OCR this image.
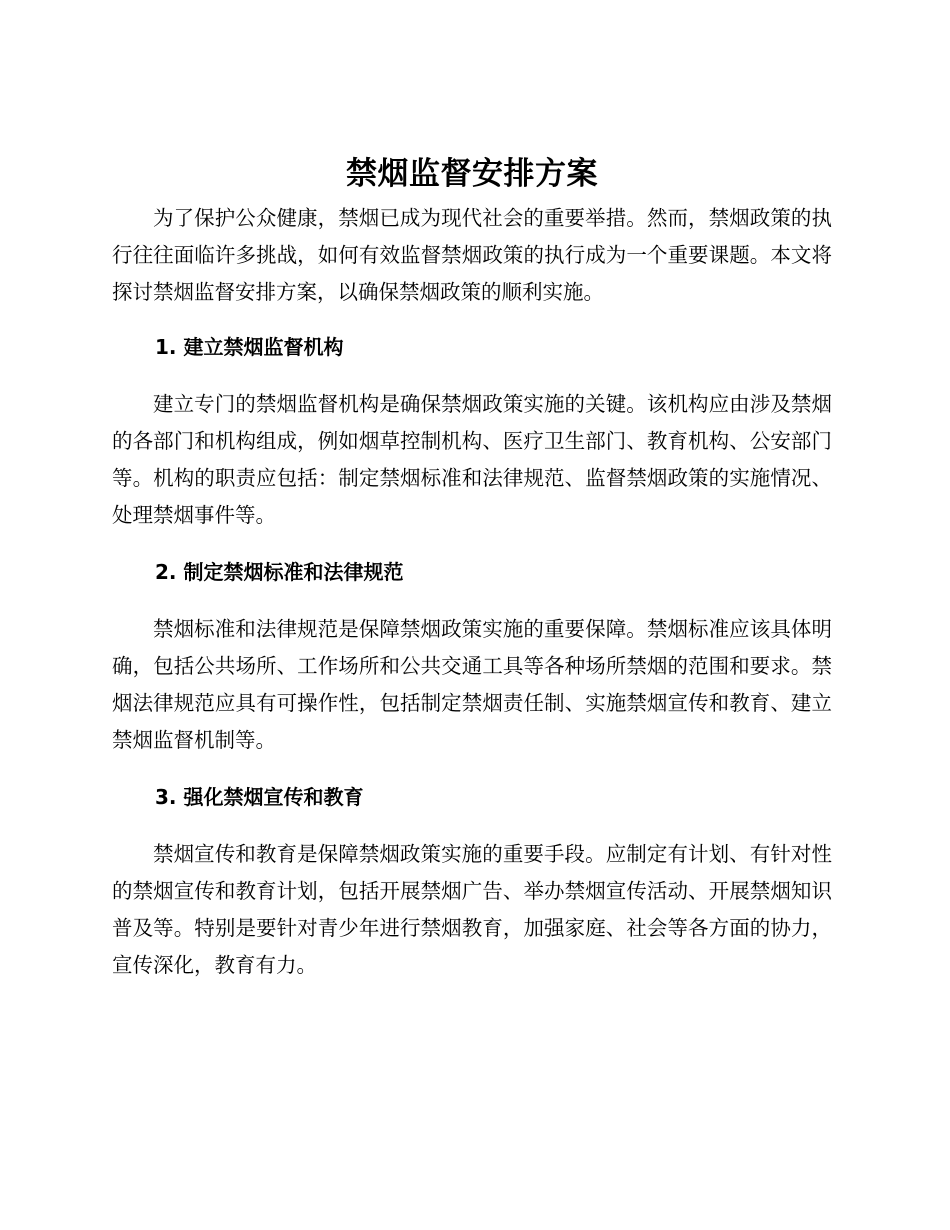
禁烟监督安排方案

为了保护公众健康，禁烟已成为现代社会的重要举措。然而，禁烟政策的执行往往面临许多挑战，如何有效监督禁烟政策的执行成为一个重要课题。本文将探讨禁烟监督安排方案，以确保禁烟政策的顺利实施。

1. 建立禁烟监督机构

建立专门的禁烟监督机构是确保禁烟政策实施的关键。该机构应由涉及禁烟的各部门和机构组成，例如烟草控制机构、医疗卫生部门、教育机构、公安部门等。机构的职责应包括：制定禁烟标准和法律规范、监督禁烟政策的实施情况、处理禁烟事件等。

2. 制定禁烟标准和法律规范

禁烟标准和法律规范是保障禁烟政策实施的重要保障。禁烟标准应该具体明确，包括公共场所、工作场所和公共交通工具等各种场所禁烟的范围和要求。禁烟法律规范应具有可操作性，包括制定禁烟责任制、实施禁烟宣传和教育、建立禁烟监督机制等。

3. 强化禁烟宣传和教育

禁烟宣传和教育是保障禁烟政策实施的重要手段。应制定有计划、有针对性的禁烟宣传和教育计划，包括开展禁烟广告、举办禁烟宣传活动、开展禁烟知识普及等。特别是要针对青少年进行禁烟教育，加强家庭、社会等各方面的协力，宣传深化，教育有力。
